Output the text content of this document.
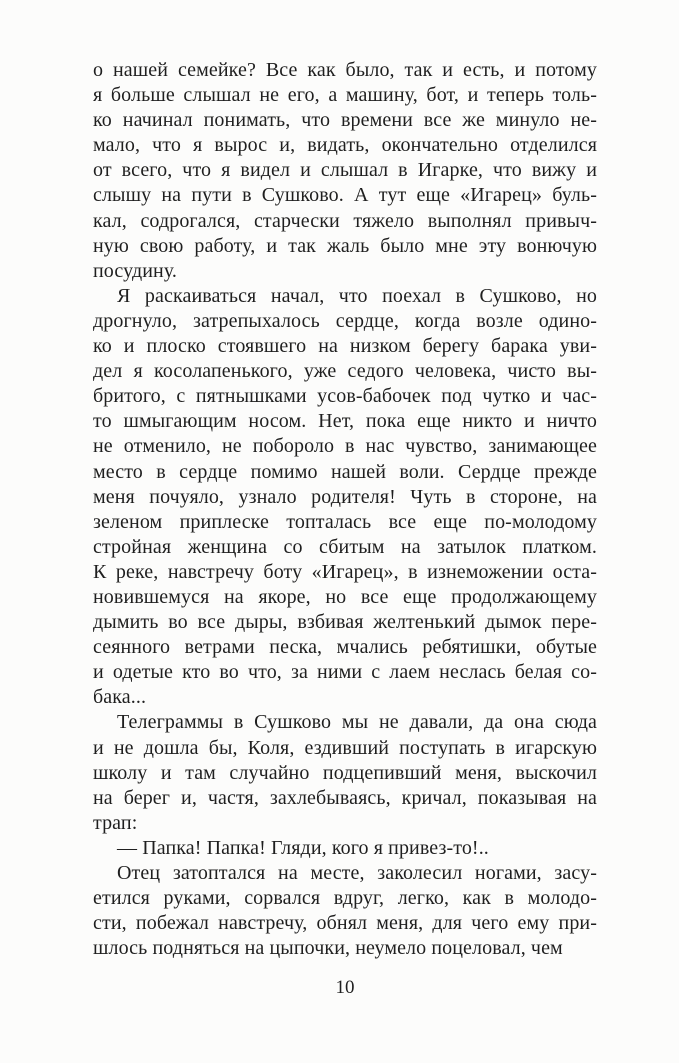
о нашей семейке? Все как было, так и есть, и потому
я больше слышал не его, а машину, бот, и теперь толь-
ко начинал понимать, что времени все же минуло не-
мало, что я вырос и, видать, окончательно отделился
от всего, что я видел и слышал в Игарке, что вижу и
слышу на пути в Сушково. А тут еще «Игарец» буль-
кал, содрогался, старчески тяжело выполнял привыч-
ную свою работу, и так жаль было мне эту вонючую
посудину.
Я раскаиваться начал, что поехал в Сушково, но
дрогнуло, затрепыхалось сердце, когда возле одино-
ко и плоско стоявшего на низком берегу барака уви-
дел я косолапенького, уже седого человека, чисто вы-
бритого, с пятнышками усов-бабочек под чутко и час-
то шмыгающим носом. Нет, пока еще никто и ничто
не отменило, не побороло в нас чувство, занимающее
место в сердце помимо нашей воли. Сердце прежде
меня почуяло, узнало родителя! Чуть в стороне, на
зеленом приплеске топталась все еще по-молодому
стройная женщина со сбитым на затылок платком.
К реке, навстречу боту «Игарец», в изнеможении оста-
новившемуся на якоре, но все еще продолжающему
дымить во все дыры, взбивая желтенький дымок пере-
сеянного ветрами песка, мчались ребятишки, обутые
и одетые кто во что, за ними с лаем неслась белая со-
бака...
Телеграммы в Сушково мы не давали, да она сюда
и не дошла бы, Коля, ездивший поступать в игарскую
школу и там случайно подцепивший меня, выскочил
на берег и, частя, захлебываясь, кричал, показывая на
трап:
— Папка! Папка! Гляди, кого я привез-то!..
Отец затоптался на месте, заколесил ногами, засу-
етился руками, сорвался вдруг, легко, как в молодо-
сти, побежал навстречу, обнял меня, для чего ему при-
шлось подняться на цыпочки, неумело поцеловал, чем
10
